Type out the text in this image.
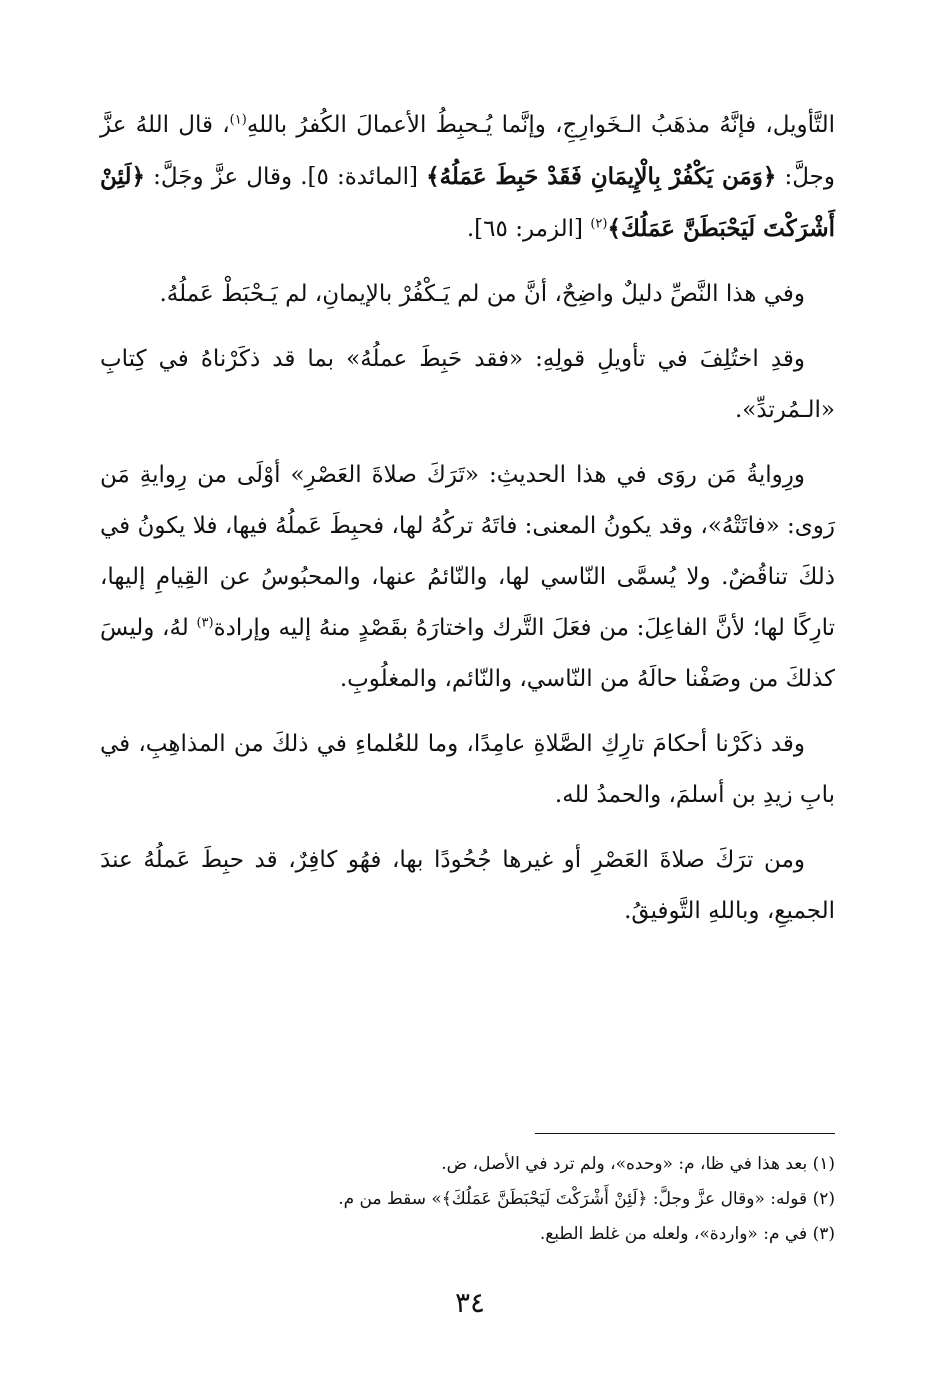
التَّأويل، فإنَّهُ مذهَبُ الـخَوارِجِ، وإنَّما يُـحبِطُ الأعمالَ الكُفرُ باللهِ$^{(١)}$، قال اللهُ عزَّ وجلَّ: ﴿وَمَن يَكْفُرْ بِالْإِيمَانِ فَقَدْ حَبِطَ عَمَلُهُ﴾ [المائدة: ٥]. وقال عزَّ وجَلَّ: ﴿لَئِنْ أَشْرَكْتَ لَيَحْبَطَنَّ عَمَلُكَ﴾$^{(٢)}$ [الزمر: ٦٥].

وفي هذا النَّصِّ دليلٌ واضِحٌ، أنَّ من لم يَـكْفُرْ بالإيمانِ، لم يَـحْبَطْ عَملُهُ.

وقدِ اختُلِفَ في تأويلِ قولِهِ: «فقد حَبِطَ عملُهُ» بما قد ذكَرْناهُ في كِتابِ «الـمُرتدِّ».

ورِوايةُ مَن روَى في هذا الحديثِ: «تَرَكَ صلاةَ العَصْرِ» أوْلَى من رِوايةِ مَن رَوى: «فاتَتْهُ»، وقد يكونُ المعنى: فاتَهُ تركُهُ لها، فحبِطَ عَملُهُ فيها، فلا يكونُ في ذلكَ تناقُضٌ. ولا يُسمَّى النّاسي لها، والنّائمُ عنها، والمحبُوسُ عن القِيامِ إليها، تارِكًا لها؛ لأنَّ الفاعِلَ: من فعَلَ التَّرك واختارَهُ بقَصْدٍ منهُ إليه وإرادة$^{(٣)}$ لهُ، وليسَ كذلكَ من وصَفْنا حالَهُ من النّاسي، والنّائم، والمغلُوبِ.

وقد ذكَرْنا أحكامَ تارِكِ الصَّلاةِ عامِدًا، وما للعُلماءِ في ذلكَ من المذاهِبِ، في بابِ زيدِ بن أسلمَ، والحمدُ لله.

ومن ترَكَ صلاةَ العَصْرِ أو غيرها جُحُودًا بها، فهُو كافِرٌ، قد حبِطَ عَملُهُ عندَ الجميعِ، وباللهِ التَّوفيقُ.

(١) بعد هذا في ظا، م: «وحده»، ولم ترد في الأصل، ض.

(٢) قوله: «وقال عزَّ وجلَّ: ﴿لَئِنْ أَشْرَكْتَ لَيَحْبَطَنَّ عَمَلُكَ﴾» سقط من م.

(٣) في م: «واردة»، ولعله من غلط الطبع.

٣٤
